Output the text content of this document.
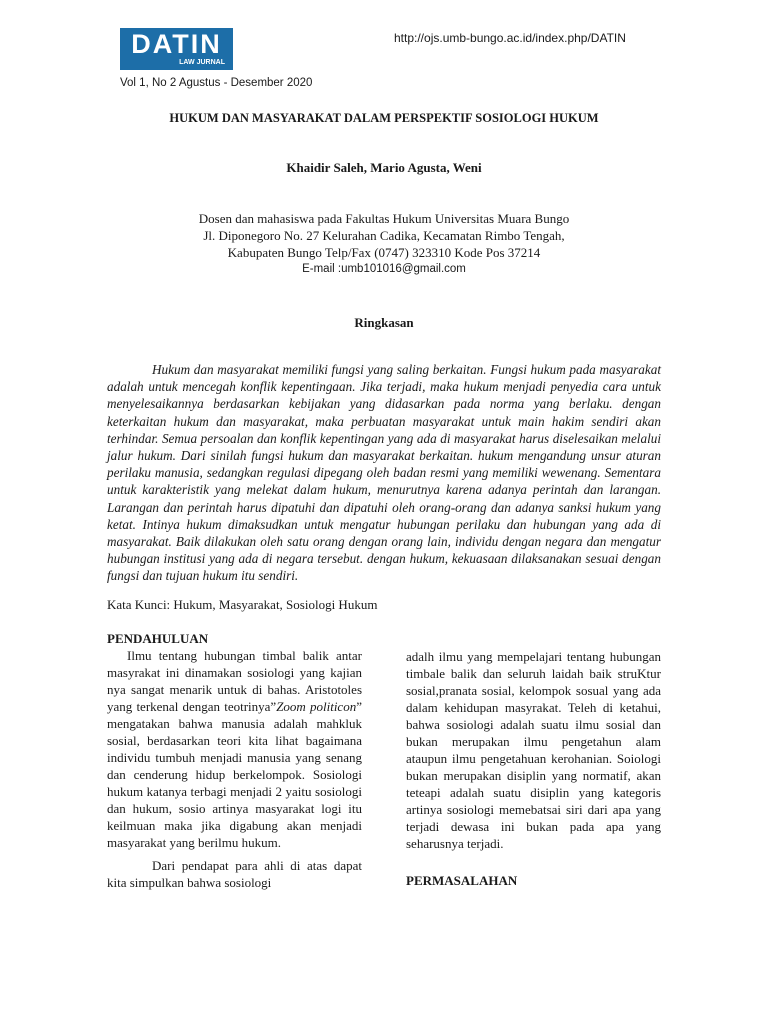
DATIN
LAW JURNAL
http://ojs.umb-bungo.ac.id/index.php/DATIN
Vol 1, No 2 Agustus - Desember 2020
HUKUM DAN MASYARAKAT DALAM PERSPEKTIF SOSIOLOGI HUKUM
Khaidir Saleh, Mario Agusta, Weni
Dosen dan mahasiswa pada Fakultas Hukum Universitas Muara Bungo
Jl. Diponegoro No. 27 Kelurahan Cadika, Kecamatan Rimbo Tengah,
Kabupaten Bungo Telp/Fax (0747) 323310 Kode Pos 37214
E-mail :umb101016@gmail.com
Ringkasan

Hukum dan masyarakat memiliki fungsi yang saling berkaitan. Fungsi hukum pada masyarakat adalah untuk mencegah konflik kepentingaan. Jika terjadi, maka hukum menjadi penyedia cara untuk menyelesaikannya berdasarkan kebijakan yang didasarkan pada norma yang berlaku. dengan keterkaitan hukum dan masyarakat, maka perbuatan masyarakat untuk main hakim sendiri akan terhindar. Semua persoalan dan konflik kepentingan yang ada di masyarakat harus diselesaikan melalui jalur hukum. Dari sinilah fungsi hukum dan masyarakat berkaitan. hukum mengandung unsur aturan perilaku manusia, sedangkan regulasi dipegang oleh badan resmi yang memiliki wewenang. Sementara untuk karakteristik yang melekat dalam hukum, menurutnya karena adanya perintah dan larangan. Larangan dan perintah harus dipatuhi dan dipatuhi oleh orang-orang dan adanya sanksi hukum yang ketat. Intinya hukum dimaksudkan untuk mengatur hubungan perilaku dan hubungan yang ada di masyarakat. Baik dilakukan oleh satu orang dengan orang lain, individu dengan negara dan mengatur hubungan institusi yang ada di negara tersebut. dengan hukum, kekuasaan dilaksanakan sesuai dengan fungsi dan tujuan hukum itu sendiri.

Kata Kunci: Hukum, Masyarakat, Sosiologi Hukum
PENDAHULUAN

Ilmu tentang hubungan timbal balik antar masyrakat ini dinamakan sosiologi yang kajian nya sangat menarik untuk di bahas. Aristotoles yang terkenal dengan teotrinya”Zoom politicon” mengatakan bahwa manusia adalah mahkluk sosial, berdasarkan teori kita lihat bagaimana individu tumbuh menjadi manusia yang senang dan cenderung hidup berkelompok. Sosiologi hukum katanya terbagi menjadi 2 yaitu sosiologi dan hukum, sosio artinya masyarakat logi itu keilmuan maka jika digabung akan menjadi masyarakat yang berilmu hukum.

Dari pendapat para ahli di atas dapat kita simpulkan bahwa sosiologi

adalh ilmu yang mempelajari tentang hubungan timbale balik dan seluruh laidah baik struKtur sosial,pranata sosial, kelompok sosual yang ada dalam kehidupan masyrakat. Teleh di ketahui, bahwa sosiologi adalah suatu ilmu sosial dan bukan merupakan ilmu pengetahun alam ataupun ilmu pengetahuan kerohanian. Soiologi bukan merupakan disiplin yang normatif, akan teteapi adalah suatu disiplin yang kategoris artinya sosiologi memebatsai siri dari apa yang terjadi dewasa ini bukan pada apa yang seharusnya terjadi.

PERMASALAHAN
